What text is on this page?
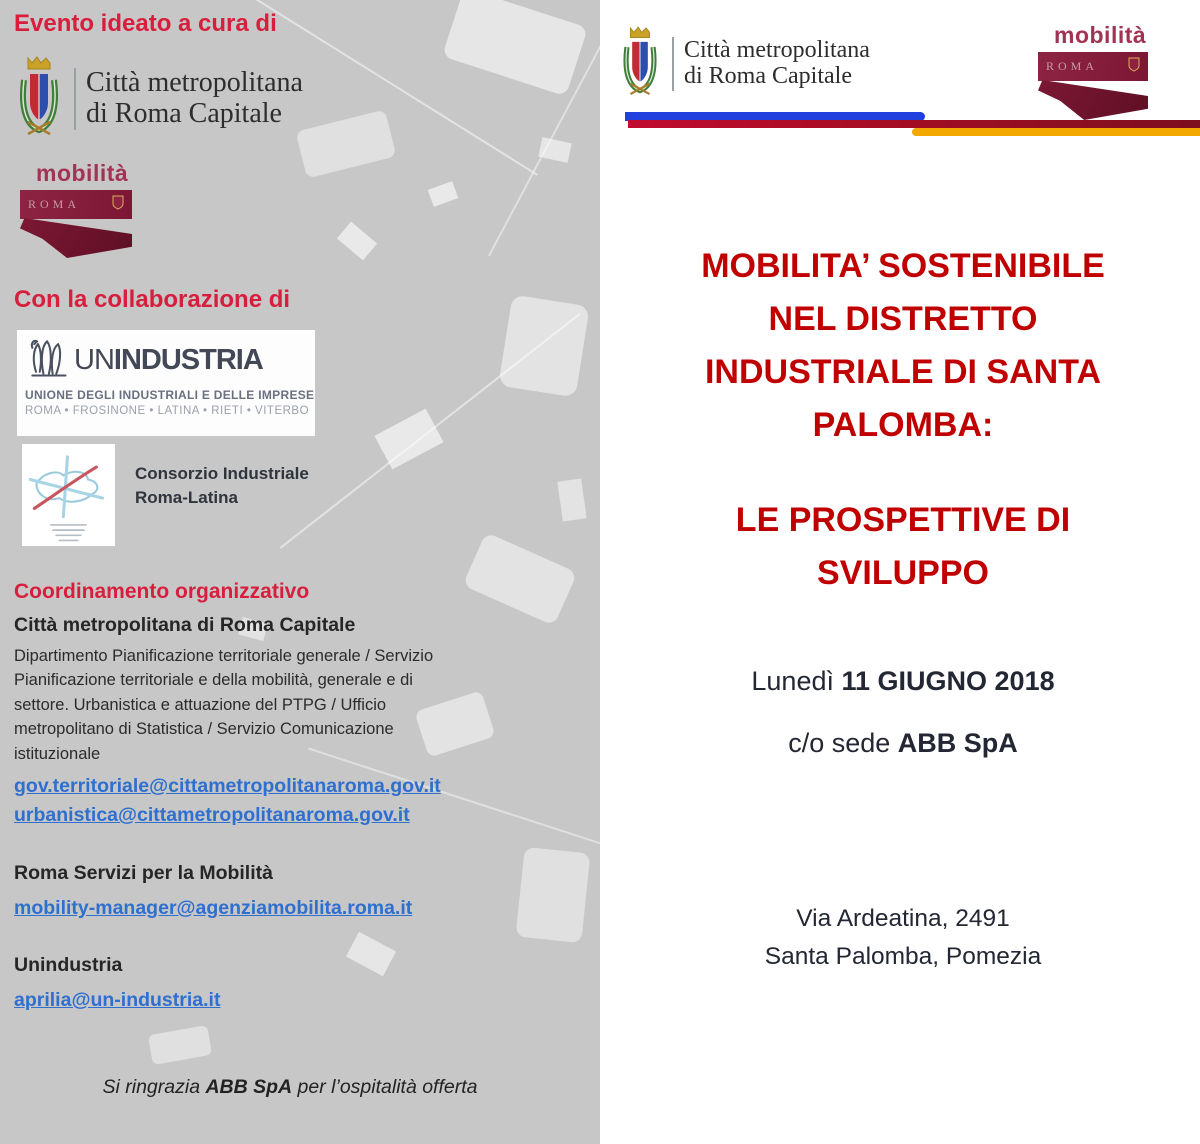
Evento ideato a cura di
Città metropolitana
di Roma Capitale
mobilità
ROMA
Con la collaborazione di
UNINDUSTRIA
UNIONE DEGLI INDUSTRIALI E DELLE IMPRESE
ROMA • FROSINONE • LATINA • RIETI • VITERBO
Consorzio Industriale
Roma-Latina
Coordinamento organizzativo
Città metropolitana di Roma Capitale
Dipartimento Pianificazione territoriale generale / Servizio
Pianificazione territoriale e della mobilità, generale e di
settore. Urbanistica e attuazione del PTPG / Ufficio
metropolitano di Statistica / Servizio Comunicazione
istituzionale
gov.territoriale@cittametropolitanaroma.gov.it
urbanistica@cittametropolitanaroma.gov.it
Roma Servizi per la Mobilità
mobility-manager@agenziamobilita.roma.it
Unindustria
aprilia@un-industria.it
Si ringrazia ABB SpA per l’ospitalità offerta
Città metropolitana
di Roma Capitale
mobilità
ROMA
MOBILITA’ SOSTENIBILE
NEL DISTRETTO
INDUSTRIALE DI SANTA
PALOMBA:
LE PROSPETTIVE DI
SVILUPPO
Lunedì 11 GIUGNO 2018
c/o sede ABB SpA
Via Ardeatina, 2491
Santa Palomba, Pomezia
